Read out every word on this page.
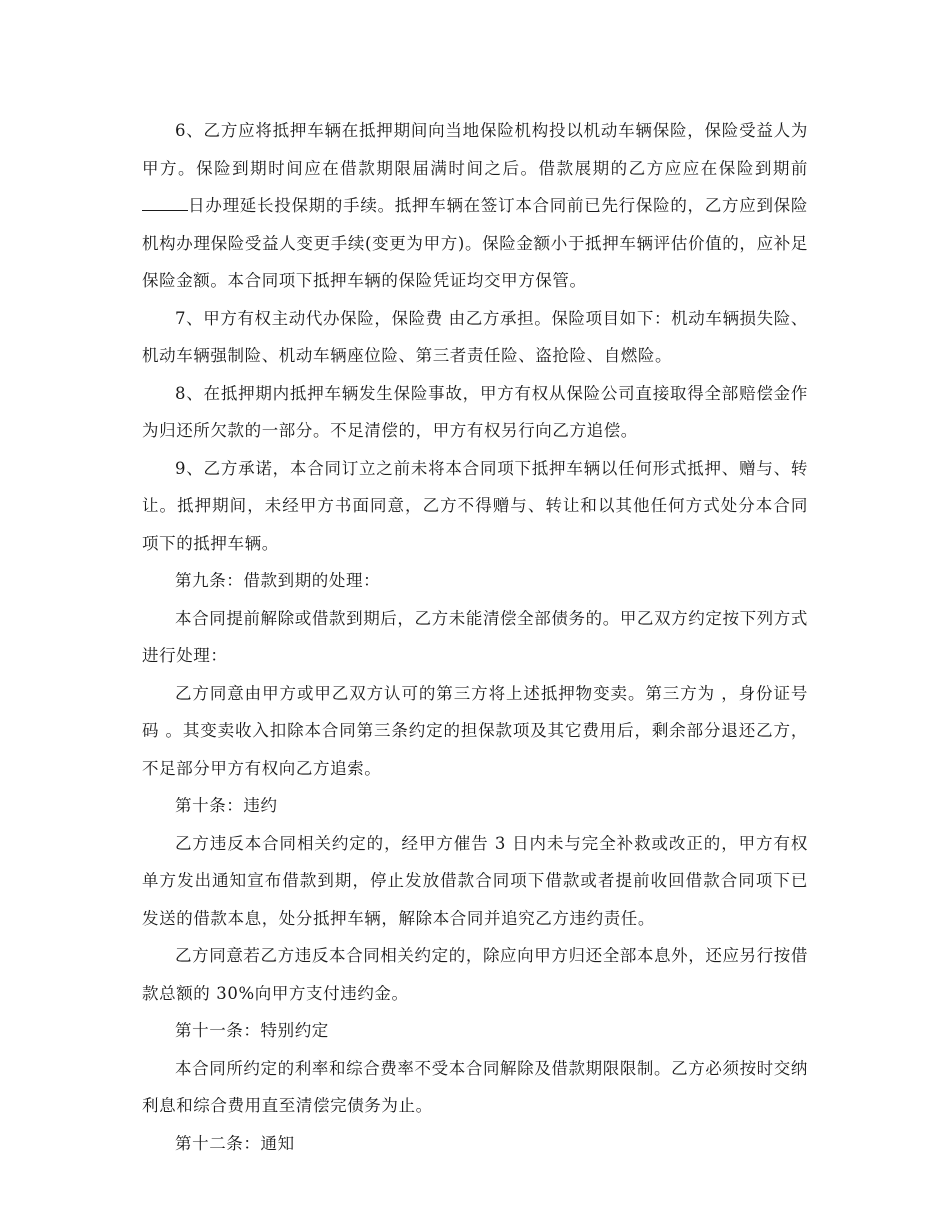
6、乙方应将抵押车辆在抵押期间向当地保险机构投以机动车辆保险，保险受益人为甲方。保险到期时间应在借款期限届满时间之后。借款展期的乙方应应在保险到期前日办理延长投保期的手续。抵押车辆在签订本合同前已先行保险的，乙方应到保险机构办理保险受益人变更手续(变更为甲方)。保险金额小于抵押车辆评估价值的，应补足保险金额。本合同项下抵押车辆的保险凭证均交甲方保管。

7、甲方有权主动代办保险，保险费 由乙方承担。保险项目如下：机动车辆损失险、机动车辆强制险、机动车辆座位险、第三者责任险、盗抢险、自燃险。

8、在抵押期内抵押车辆发生保险事故，甲方有权从保险公司直接取得全部赔偿金作为归还所欠款的一部分。不足清偿的，甲方有权另行向乙方追偿。

9、乙方承诺，本合同订立之前未将本合同项下抵押车辆以任何形式抵押、赠与、转让。抵押期间，未经甲方书面同意，乙方不得赠与、转让和以其他任何方式处分本合同项下的抵押车辆。

第九条：借款到期的处理：

本合同提前解除或借款到期后，乙方未能清偿全部债务的。甲乙双方约定按下列方式进行处理：

乙方同意由甲方或甲乙双方认可的第三方将上述抵押物变卖。第三方为 ，身份证号码 。其变卖收入扣除本合同第三条约定的担保款项及其它费用后，剩余部分退还乙方，不足部分甲方有权向乙方追索。

第十条：违约

乙方违反本合同相关约定的，经甲方催告 3 日内未与完全补救或改正的，甲方有权单方发出通知宣布借款到期，停止发放借款合同项下借款或者提前收回借款合同项下已发送的借款本息，处分抵押车辆，解除本合同并追究乙方违约责任。

乙方同意若乙方违反本合同相关约定的，除应向甲方归还全部本息外，还应另行按借款总额的 30%向甲方支付违约金。

第十一条：特别约定

本合同所约定的利率和综合费率不受本合同解除及借款期限限制。乙方必须按时交纳利息和综合费用直至清偿完债务为止。

第十二条：通知
